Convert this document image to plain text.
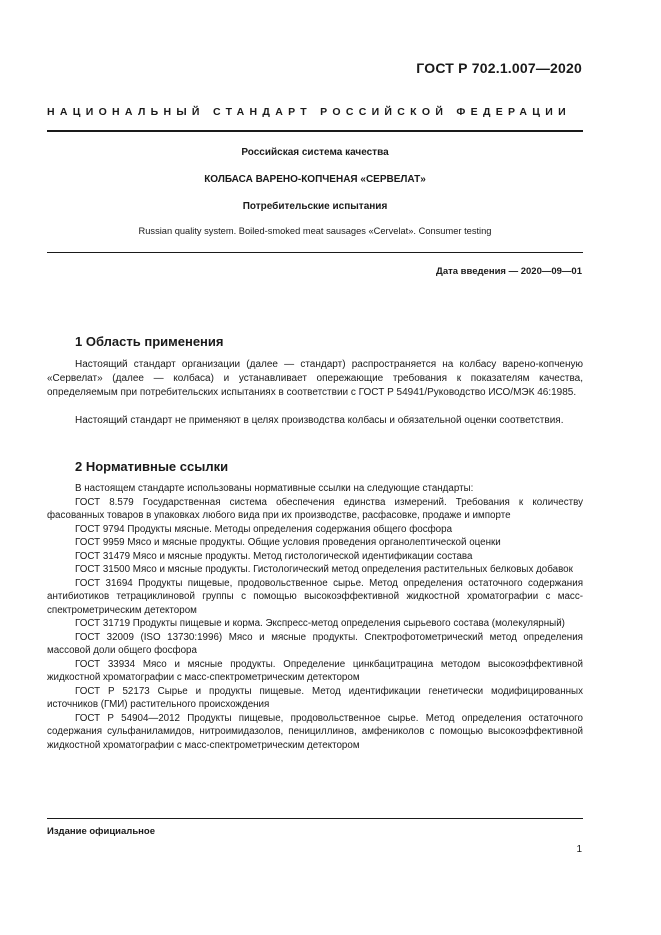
ГОСТ Р 702.1.007—2020
НАЦИОНАЛЬНЫЙ СТАНДАРТ РОССИЙСКОЙ ФЕДЕРАЦИИ
Российская система качества
КОЛБАСА ВАРЕНО-КОПЧЕНАЯ «СЕРВЕЛАТ»
Потребительские испытания
Russian quality system. Boiled-smoked meat sausages «Cervelat». Consumer testing
Дата введения — 2020—09—01
1 Область применения

Настоящий стандарт организации (далее — стандарт) распространяется на колбасу варено-копченую «Сервелат» (далее — колбаса) и устанавливает опережающие требования к показателям качества, определяемым при потребительских испытаниях в соответствии с ГОСТ Р 54941/Руководство ИСО/МЭК 46:1985.

Настоящий стандарт не применяют в целях производства колбасы и обязательной оценки соответствия.

2 Нормативные ссылки

В настоящем стандарте использованы нормативные ссылки на следующие стандарты:

ГОСТ 8.579 Государственная система обеспечения единства измерений. Требования к количеству фасованных товаров в упаковках любого вида при их производстве, расфасовке, продаже и импорте

ГОСТ 9794 Продукты мясные. Методы определения содержания общего фосфора

ГОСТ 9959 Мясо и мясные продукты. Общие условия проведения органолептической оценки

ГОСТ 31479 Мясо и мясные продукты. Метод гистологической идентификации состава

ГОСТ 31500 Мясо и мясные продукты. Гистологический метод определения растительных белковых добавок

ГОСТ 31694 Продукты пищевые, продовольственное сырье. Метод определения остаточного содержания антибиотиков тетрациклиновой группы с помощью высокоэффективной жидкостной хроматографии с масс-спектрометрическим детектором

ГОСТ 31719 Продукты пищевые и корма. Экспресс-метод определения сырьевого состава (молекулярный)

ГОСТ 32009 (ISO 13730:1996) Мясо и мясные продукты. Спектрофотометрический метод определения массовой доли общего фосфора

ГОСТ 33934 Мясо и мясные продукты. Определение цинкбацитрацина методом высокоэффективной жидкостной хроматографии с масс-спектрометрическим детектором

ГОСТ Р 52173 Сырье и продукты пищевые. Метод идентификации генетически модифицированных источников (ГМИ) растительного происхождения

ГОСТ Р 54904—2012 Продукты пищевые, продовольственное сырье. Метод определения остаточного содержания сульфаниламидов, нитроимидазолов, пенициллинов, амфениколов с помощью высокоэффективной жидкостной хроматографии с масс-спектрометрическим детектором

Издание официальное
1
